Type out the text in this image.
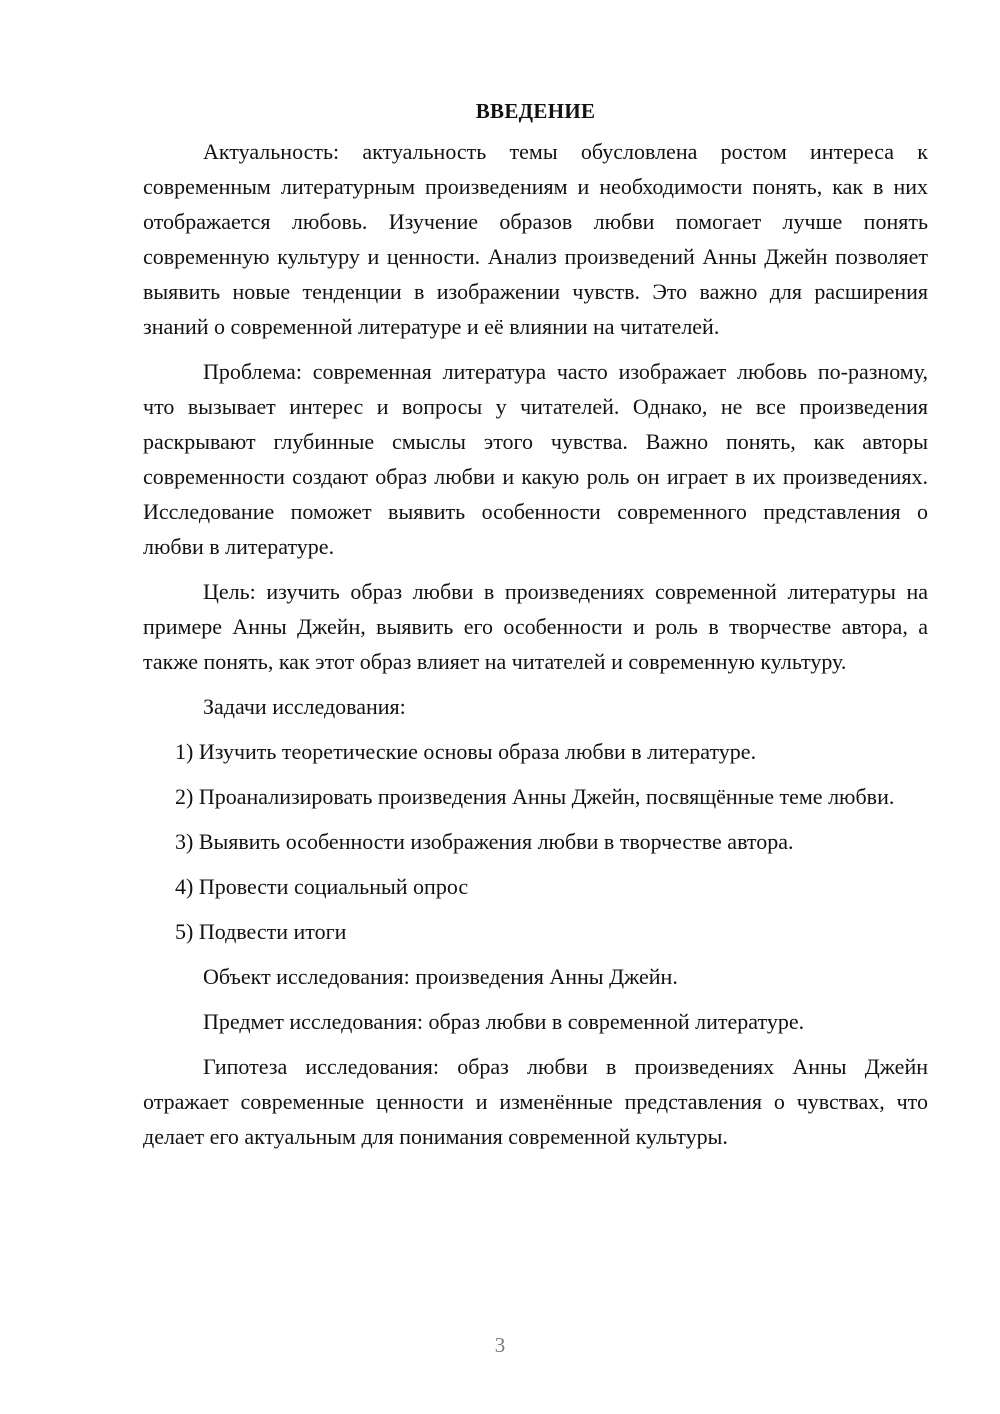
ВВЕДЕНИЕ

Актуальность: актуальность темы обусловлена ростом интереса к современным литературным произведениям и необходимости понять, как в них отображается любовь. Изучение образов любви помогает лучше понять современную культуру и ценности. Анализ произведений Анны Джейн позволяет выявить новые тенденции в изображении чувств. Это важно для расширения знаний о современной литературе и её влиянии на читателей.

Проблема: современная литература часто изображает любовь по-разному, что вызывает интерес и вопросы у читателей. Однако, не все произведения раскрывают глубинные смыслы этого чувства. Важно понять, как авторы современности создают образ любви и какую роль он играет в их произведениях. Исследование поможет выявить особенности современного представления о любви в литературе.

Цель: изучить образ любви в произведениях современной литературы на примере Анны Джейн, выявить его особенности и роль в творчестве автора, а также понять, как этот образ влияет на читателей и современную культуру.

Задачи исследования:

1) Изучить теоретические основы образа любви в литературе.

2) Проанализировать произведения Анны Джейн, посвящённые теме любви.

3) Выявить особенности изображения любви в творчестве автора.

4) Провести социальный опрос

5) Подвести итоги

Объект исследования: произведения Анны Джейн.

Предмет исследования: образ любви в современной литературе.

Гипотеза исследования: образ любви в произведениях Анны Джейн отражает современные ценности и изменённые представления о чувствах, что делает его актуальным для понимания современной культуры.

3
